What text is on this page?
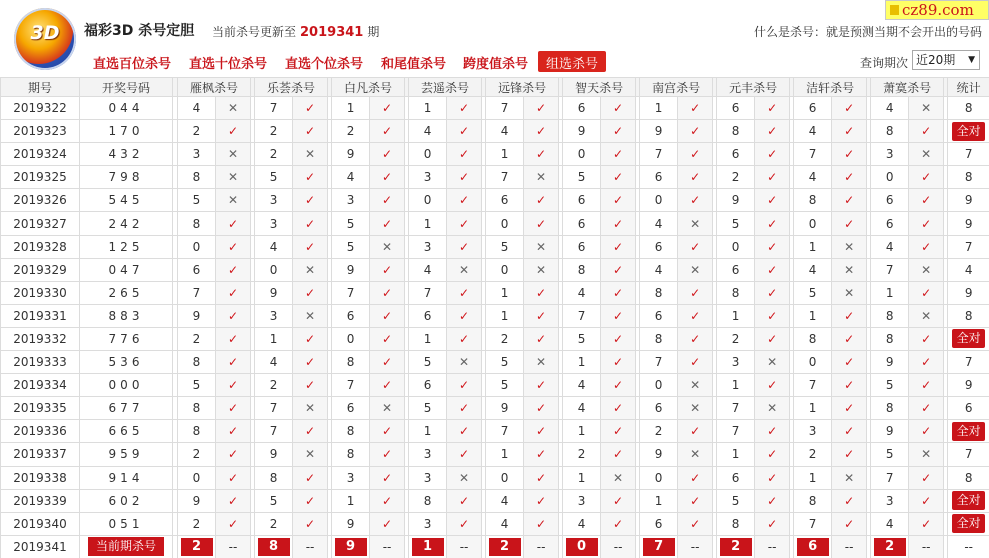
3D	福彩3D 杀号定胆 当前杀号更新至 2019341 期
cz89.com
什么是杀号：就是预测当期不会开出的号码
直选百位杀号 直选十位杀号 直选个位杀号 和尾值杀号 跨度值杀号	组选杀号	查询期次 近20期 ▼
期号	开奖号码		雁枫杀号			乐荟杀号			白凡杀号			芸遥杀号			远锋杀号			智天杀号			南宫杀号			元丰杀号			洁轩杀号			萧寞杀号			统计
2019322	044		4	✕		7	✓		1	✓		1	✓		7	✓		6	✓		1	✓		6	✓		6	✓		4	✕		8
2019323	170		2	✓		2	✓		2	✓		4	✓		4	✓		9	✓		9	✓		8	✓		4	✓		8	✓		全对
2019324	432		3	✕		2	✕		9	✓		0	✓		1	✓		0	✓		7	✓		6	✓		7	✓		3	✕		7
2019325	798		8	✕		5	✓		4	✓		3	✓		7	✕		5	✓		6	✓		2	✓		4	✓		0	✓		8
2019326	545		5	✕		3	✓		3	✓		0	✓		6	✓		6	✓		0	✓		9	✓		8	✓		6	✓		9
2019327	242		8	✓		3	✓		5	✓		1	✓		0	✓		6	✓		4	✕		5	✓		0	✓		6	✓		9
2019328	125		0	✓		4	✓		5	✕		3	✓		5	✕		6	✓		6	✓		0	✓		1	✕		4	✓		7
2019329	047		6	✓		0	✕		9	✓		4	✕		0	✕		8	✓		4	✕		6	✓		4	✕		7	✕		4
2019330	265		7	✓		9	✓		7	✓		7	✓		1	✓		4	✓		8	✓		8	✓		5	✕		1	✓		9
2019331	883		9	✓		3	✕		6	✓		6	✓		1	✓		7	✓		6	✓		1	✓		1	✓		8	✕		8
2019332	776		2	✓		1	✓		0	✓		1	✓		2	✓		5	✓		8	✓		2	✓		8	✓		8	✓		全对
2019333	536		8	✓		4	✓		8	✓		5	✕		5	✕		1	✓		7	✓		3	✕		0	✓		9	✓		7
2019334	000		5	✓		2	✓		7	✓		6	✓		5	✓		4	✓		0	✕		1	✓		7	✓		5	✓		9
2019335	677		8	✓		7	✕		6	✕		5	✓		9	✓		4	✓		6	✕		7	✕		1	✓		8	✓		6
2019336	665		8	✓		7	✓		8	✓		1	✓		7	✓		1	✓		2	✓		7	✓		3	✓		9	✓		全对
2019337	959		2	✓		9	✕		8	✓		3	✓		1	✓		2	✓		9	✕		1	✓		2	✓		5	✕		7
2019338	914		0	✓		8	✓		3	✓		3	✕		0	✓		1	✕		0	✓		6	✓		1	✕		7	✓		8
2019339	602		9	✓		5	✓		1	✓		8	✓		4	✓		3	✓		1	✓		5	✓		8	✓		3	✓		全对
2019340	051		2	✓		2	✓		9	✓		3	✓		4	✓		4	✓		6	✓		8	✓		7	✓		4	✓		全对
2019341	当前期杀号		2	--		8	--		9	--		1	--		2	--		0	--		7	--		2	--		6	--		2	--		--
